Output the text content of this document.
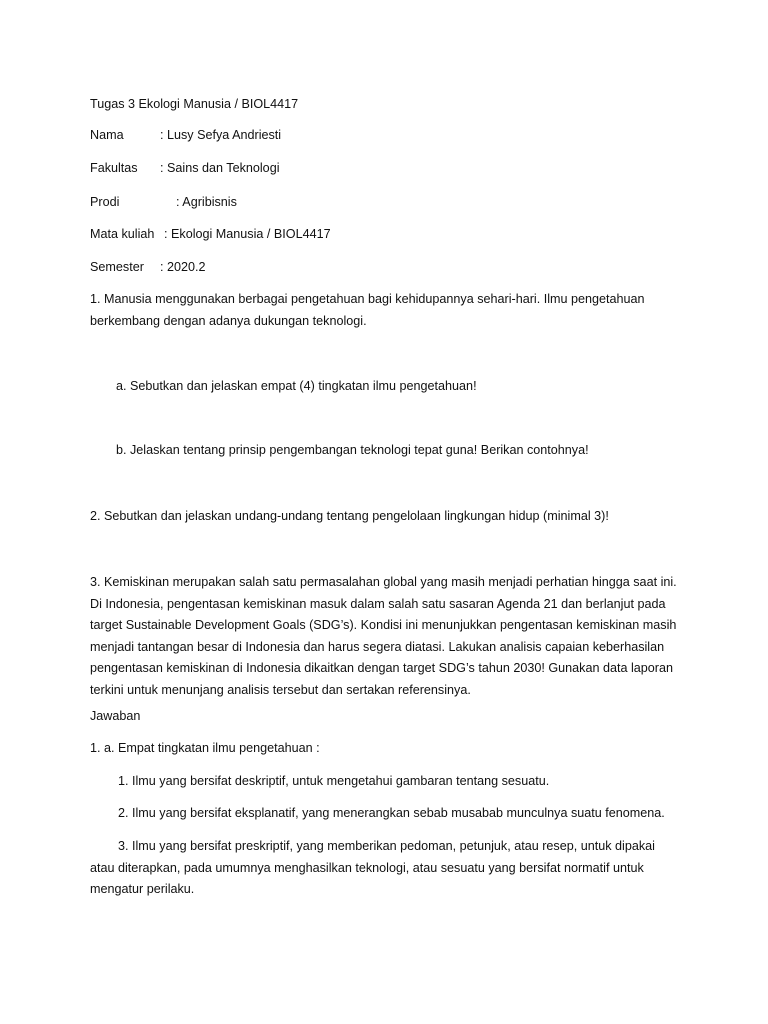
Tugas 3 Ekologi Manusia / BIOL4417
Nama	: Lusy Sefya Andriesti
Fakultas : Sains dan Teknologi
Prodi	: Agribisnis
Mata kuliah : Ekologi Manusia / BIOL4417
Semester : 2020.2

1. Manusia menggunakan berbagai pengetahuan bagi kehidupannya sehari-hari. Ilmu pengetahuan

berkembang dengan adanya dukungan teknologi.

a. Sebutkan dan jelaskan empat (4) tingkatan ilmu pengetahuan!
b. Jelaskan tentang prinsip pengembangan teknologi tepat guna! Berikan contohnya!
2. Sebutkan dan jelaskan undang-undang tentang pengelolaan lingkungan hidup (minimal 3)!

3. Kemiskinan merupakan salah satu permasalahan global yang masih menjadi perhatian hingga saat ini.

Di Indonesia, pengentasan kemiskinan masuk dalam salah satu sasaran Agenda 21 dan berlanjut pada

target Sustainable Development Goals (SDG’s). Kondisi ini menunjukkan pengentasan kemiskinan masih

menjadi tantangan besar di Indonesia dan harus segera diatasi. Lakukan analisis capaian keberhasilan

pengentasan kemiskinan di Indonesia dikaitkan dengan target SDG’s tahun 2030! Gunakan data laporan

terkini untuk menunjang analisis tersebut dan sertakan referensinya.

Jawaban
1. a. Empat tingkatan ilmu pengetahuan :
1. Ilmu yang bersifat deskriptif, untuk mengetahui gambaran tentang sesuatu.
2. Ilmu yang bersifat eksplanatif, yang menerangkan sebab musabab munculnya suatu fenomena.

3. Ilmu yang bersifat preskriptif, yang memberikan pedoman, petunjuk, atau resep, untuk dipakai

atau diterapkan, pada umumnya menghasilkan teknologi, atau sesuatu yang bersifat normatif untuk

mengatur perilaku.
